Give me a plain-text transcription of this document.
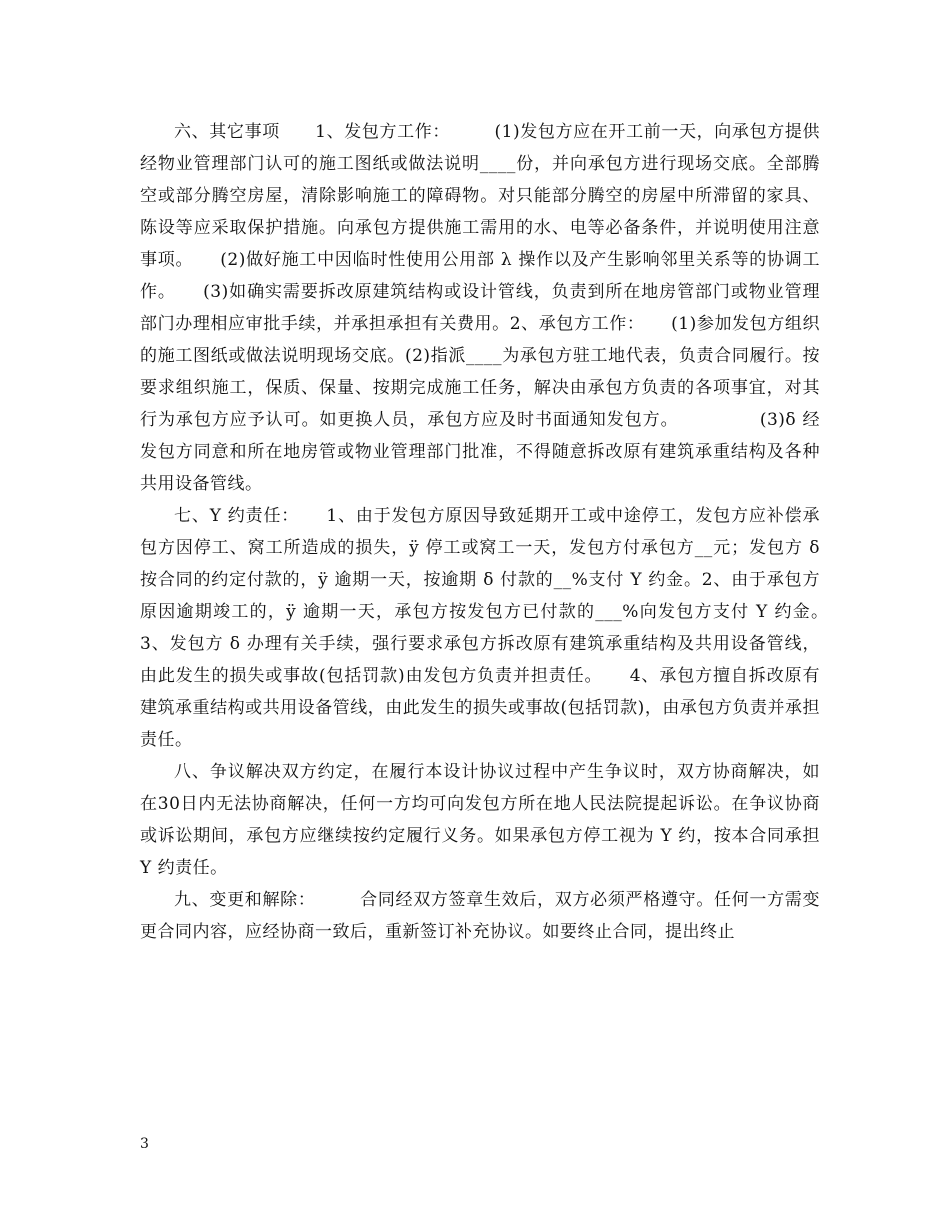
六、其它事项　　1、发包方工作：　　　(1)发包方应在开工前一天，向承包方提供经物业管理部门认可的施工图纸或做法说明____份，并向承包方进行现场交底。全部腾空或部分腾空房屋，清除影响施工的障碍物。对只能部分腾空的房屋中所滞留的家具、陈设等应采取保护措施。向承包方提供施工需用的水、电等必备条件，并说明使用注意事项。　　(2)做好施工中因临时性使用公用部 λ 操作以及产生影响邻里关系等的协调工作。　　(3)如确实需要拆改原建筑结构或设计管线，负责到所在地房管部门或物业管理部门办理相应审批手续，并承担承担有关费用。2、承包方工作：　　(1)参加发包方组织的施工图纸或做法说明现场交底。(2)指派____为承包方驻工地代表，负责合同履行。按要求组织施工，保质、保量、按期完成施工任务，解决由承包方负责的各项事宜，对其行为承包方应予认可。如更换人员，承包方应及时书面通知发包方。　　　　　(3)δ 经发包方同意和所在地房管或物业管理部门批准，不得随意拆改原有建筑承重结构及各种共用设备管线。

七、Υ 约责任：　　1、由于发包方原因导致延期开工或中途停工，发包方应补偿承包方因停工、窝工所造成的损失，ÿ 停工或窝工一天，发包方付承包方__元；发包方 δ 按合同的约定付款的，ÿ 逾期一天，按逾期 δ 付款的__%支付 Υ 约金。2、由于承包方原因逾期竣工的，ÿ 逾期一天，承包方按发包方已付款的___%向发包方支付 Υ 约金。　　3、发包方 δ 办理有关手续，强行要求承包方拆改原有建筑承重结构及共用设备管线，由此发生的损失或事故(包括罚款)由发包方负责并担责任。　　4、承包方擅自拆改原有建筑承重结构或共用设备管线，由此发生的损失或事故(包括罚款)，由承包方负责并承担责任。

八、争议解决双方约定，在履行本设计协议过程中产生争议时，双方协商解决，如在30日内无法协商解决，任何一方均可向发包方所在地人民法院提起诉讼。在争议协商或诉讼期间，承包方应继续按约定履行义务。如果承包方停工视为 Υ 约，按本合同承担 Υ 约责任。

九、变更和解除：　　　合同经双方签章生效后，双方必须严格遵守。任何一方需变更合同内容，应经协商一致后，重新签订补充协议。如要终止合同，提出终止

3
